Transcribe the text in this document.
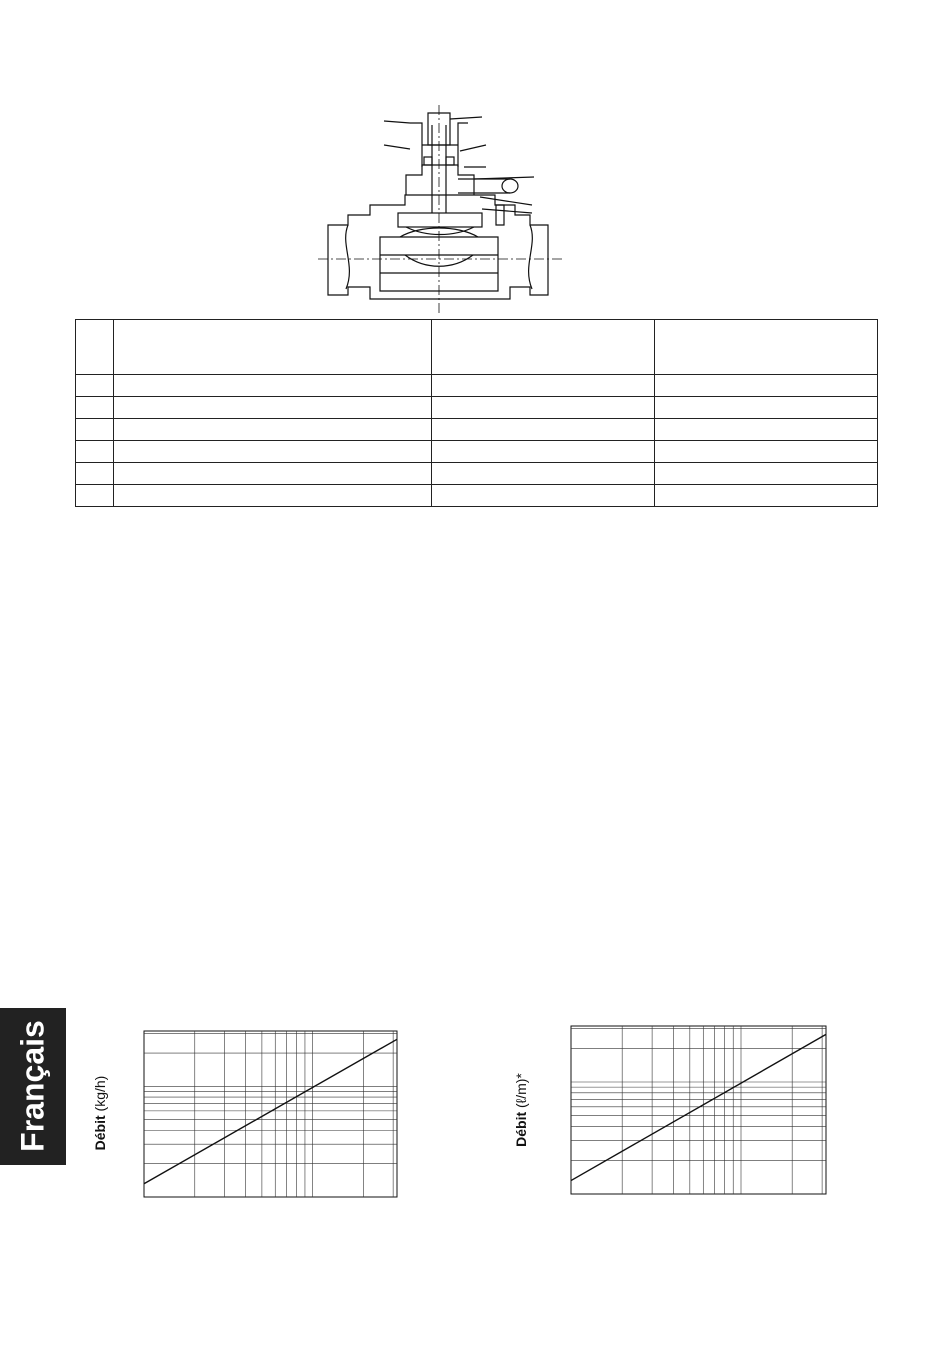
Français	Débit (kg/h)
Débit (ℓ/m)*
